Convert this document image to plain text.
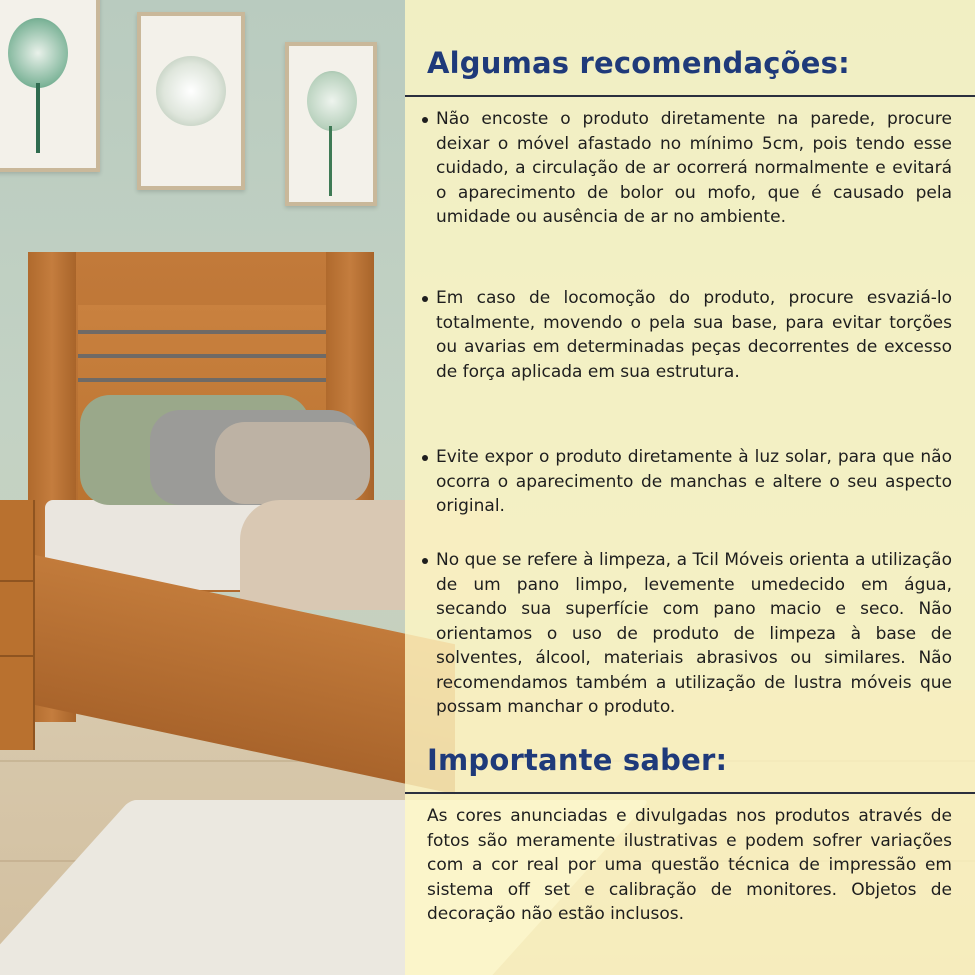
Algumas recomendações:
Não encoste o produto diretamente na parede, procure deixar o móvel afastado no mínimo 5cm, pois tendo esse cuidado, a circulação de ar ocorrerá normalmente e evitará o aparecimento de bolor ou mofo, que é causado pela umidade ou ausência de ar no ambiente.
Em caso de locomoção do produto, procure esvaziá-lo totalmente, movendo o pela sua base, para evitar torções ou avarias em determinadas peças decorrentes de excesso de força aplicada em sua estrutura.
Evite expor o produto diretamente à luz solar, para que não ocorra o aparecimento de manchas e altere o seu aspecto original.
No que se refere à limpeza, a Tcil Móveis orienta a utilização de um pano limpo, levemente umedecido em água, secando sua superfície com pano macio e seco. Não orientamos o uso de produto de limpeza à base de solventes, álcool, materiais abrasivos ou similares. Não recomendamos também a utilização de lustra móveis que possam manchar o produto.
Importante saber:

As cores anunciadas e divulgadas nos produtos através de fotos são meramente ilustrativas e podem sofrer variações com a cor real por uma questão técnica de impressão em sistema off set e calibração de monitores. Objetos de decoração não estão inclusos.
